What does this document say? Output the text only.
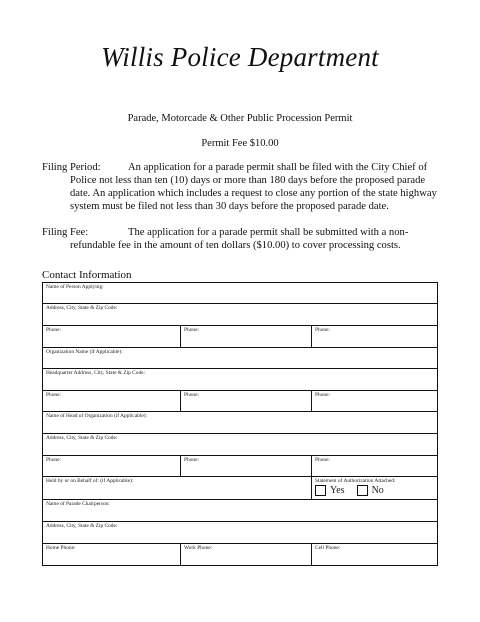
Willis Police Department
Parade, Motorcade & Other Public Procession Permit
Permit Fee $10.00
Filing Period:	An application for a parade permit shall be filed with the City Chief of Police not less than ten (10) days or more than 180 days before the proposed parade date. An application which includes a request to close any portion of the state highway system must be filed not less than 30 days before the proposed parade date.
Filing Fee:	The application for a parade permit shall be submitted with a non-refundable fee in the amount of ten dollars ($10.00) to cover processing costs.
Contact Information
Name of Person Applying:
Address, City, State & Zip Code:
Phone:	Phone:	Phone:
Organization Name (if Applicable):
Headquarter Address, City, State & Zip Code:
Phone:	Phone:	Phone:
Name of Head of Organization (if Applicable):
Address, City, State & Zip Code:
Phone:	Phone:	Phone:
Held by or on Behalf of: (if Applicable):	Statement of Authorization Attached:
Yes	No
Name of Parade Chairperson:
Address, City, State & Zip Code:
Home Phone:	Work Phone:	Cell Phone:
